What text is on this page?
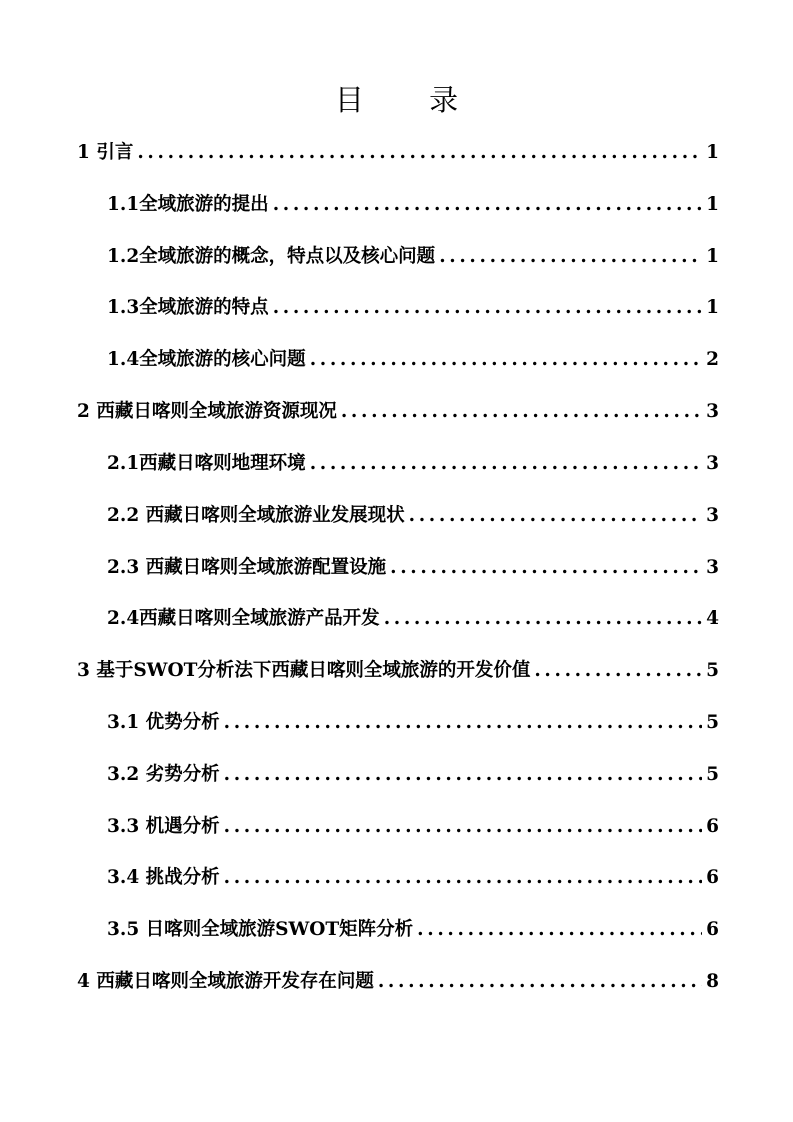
目 录
1 引言 . . .	1
1.1全域旅游的提出 . . .	1
1.2全域旅游的概念，特点以及核心问题 . . .	1
1.3全域旅游的特点 . . .	1
1.4全域旅游的核心问题 . . .	2
2 西藏日喀则全域旅游资源现况 . . .	3
2.1西藏日喀则地理环境 . . .	3
2.2 西藏日喀则全域旅游业发展现状 . . .	3
2.3 西藏日喀则全域旅游配置设施 . . .	3
2.4西藏日喀则全域旅游产品开发 . . .	4
3 基于SWOT分析法下西藏日喀则全域旅游的开发价值 . . .	5
3.1 优势分析 . . .	5
3.2 劣势分析 . . .	5
3.3 机遇分析 . . .	6
3.4 挑战分析 . . .	6
3.5 日喀则全域旅游SWOT矩阵分析 . . .	6
4 西藏日喀则全域旅游开发存在问题 . . .	8
